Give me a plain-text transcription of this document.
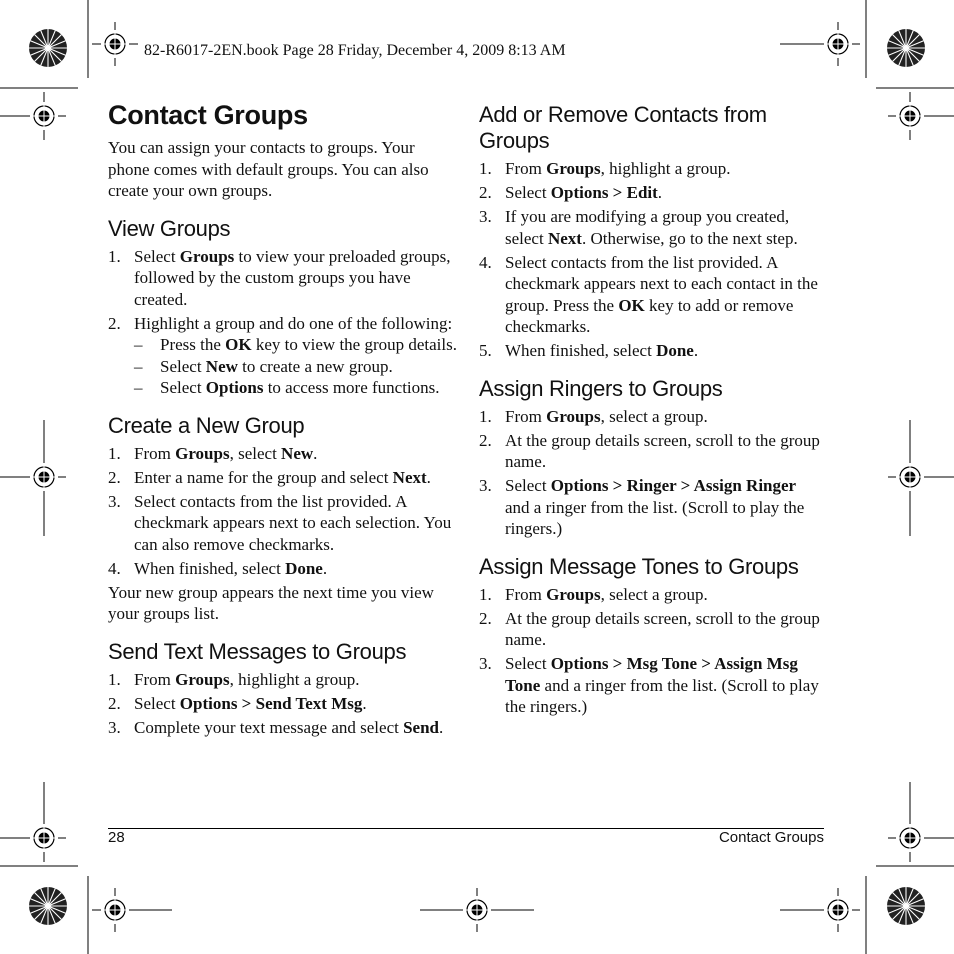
82-R6017-2EN.book Page 28 Friday, December 4, 2009 8:13 AM
Contact Groups

You can assign your contacts to groups. Your phone comes with default groups. You can also create your own groups.

View Groups
1. Select Groups to view your preloaded groups, followed by the custom groups you have created.
2. Highlight a group and do one of the following:
– Press the OK key to view the group details.
– Select New to create a new group.
– Select Options to access more functions.
Create a New Group
1. From Groups, select New.
2. Enter a name for the group and select Next.
3. Select contacts from the list provided. A checkmark appears next to each selection. You can also remove checkmarks.
4. When finished, select Done.

Your new group appears the next time you view your groups list.

Send Text Messages to Groups
1. From Groups, highlight a group.
2. Select Options > Send Text Msg.
3. Complete your text message and select Send.
Add or Remove Contacts from Groups
1. From Groups, highlight a group.
2. Select Options > Edit.
3. If you are modifying a group you created, select Next. Otherwise, go to the next step.
4. Select contacts from the list provided. A checkmark appears next to each contact in the group. Press the OK key to add or remove checkmarks.
5. When finished, select Done.
Assign Ringers to Groups
1. From Groups, select a group.
2. At the group details screen, scroll to the group name.
3. Select Options > Ringer > Assign Ringer and a ringer from the list. (Scroll to play the ringers.)
Assign Message Tones to Groups
1. From Groups, select a group.
2. At the group details screen, scroll to the group name.
3. Select Options > Msg Tone > Assign Msg Tone and a ringer from the list. (Scroll to play the ringers.)
28	Contact Groups
